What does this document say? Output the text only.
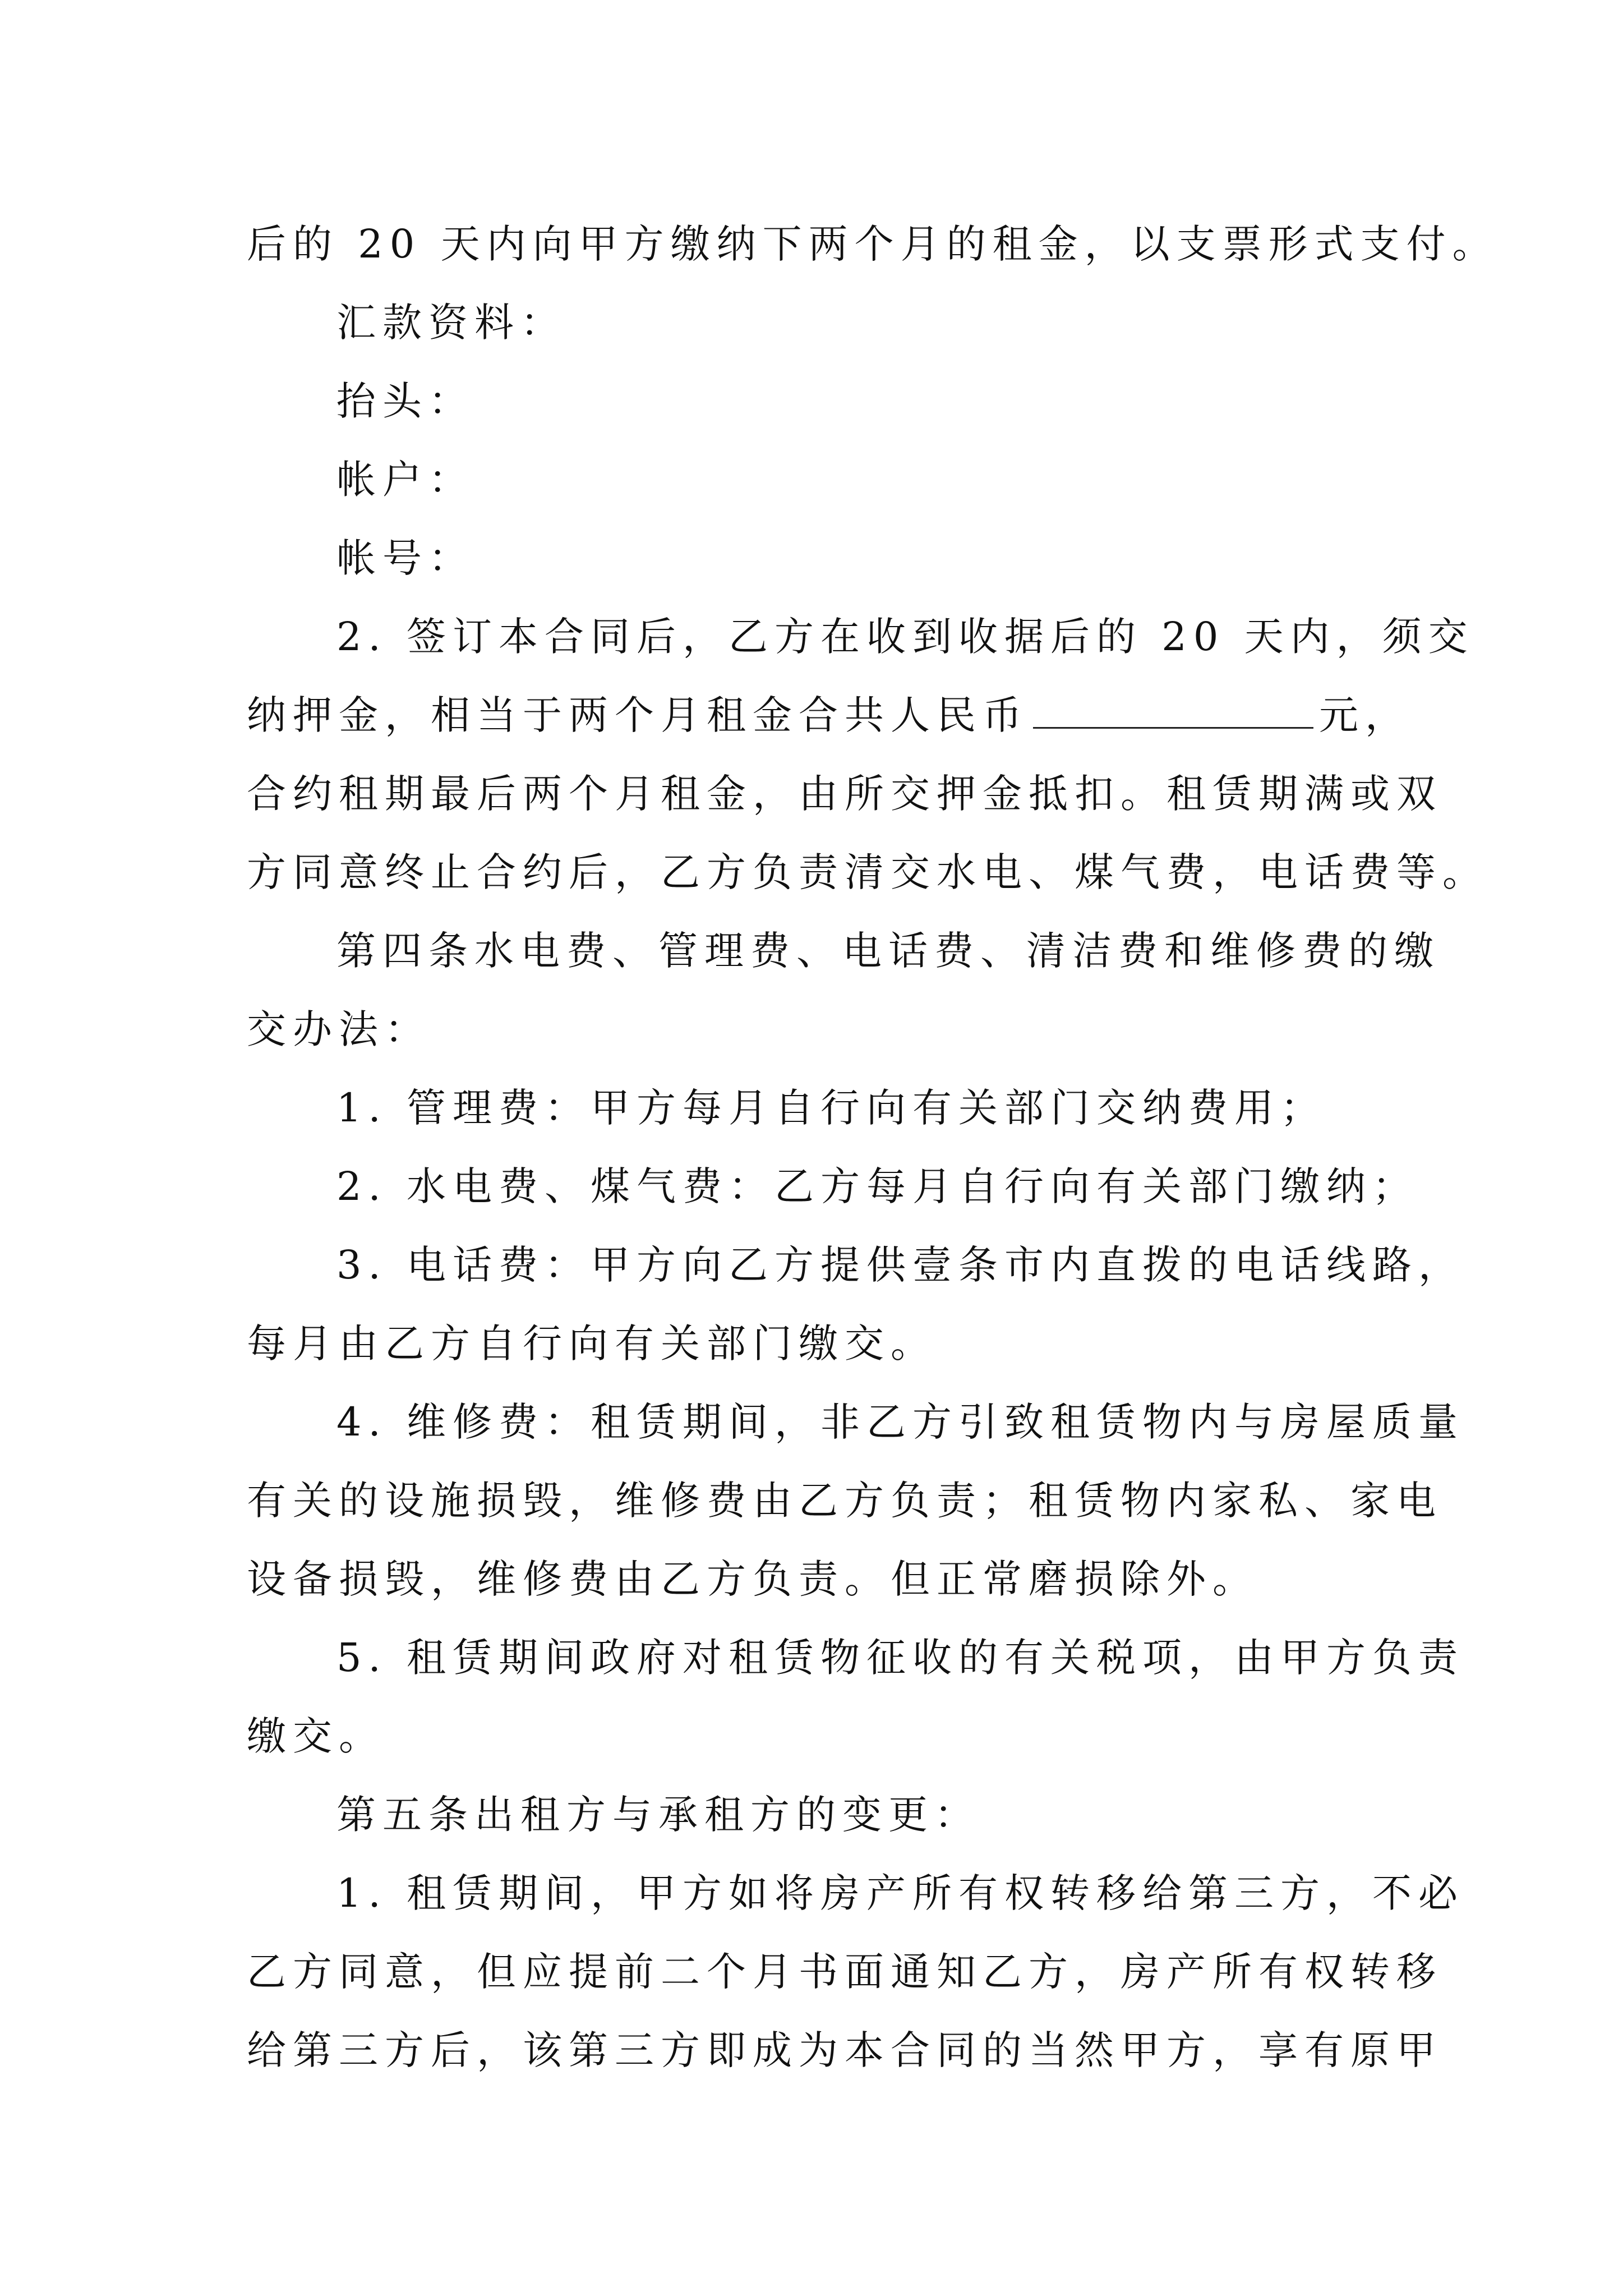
后的 20 天内向甲方缴纳下两个月的租金，以支票形式支付。
汇款资料：
抬头：
帐户：
帐号：
2. 签订本合同后，乙方在收到收据后的 20 天内，须交
纳押金，相当于两个月租金合共人民币	元，
合约租期最后两个月租金，由所交押金抵扣。租赁期满或双
方同意终止合约后，乙方负责清交水电、煤气费，电话费等。
第四条水电费、管理费、电话费、清洁费和维修费的缴
交办法：
1. 管理费：甲方每月自行向有关部门交纳费用；
2. 水电费、煤气费：乙方每月自行向有关部门缴纳；
3. 电话费：甲方向乙方提供壹条市内直拨的电话线路，
每月由乙方自行向有关部门缴交。
4. 维修费：租赁期间，非乙方引致租赁物内与房屋质量
有关的设施损毁，维修费由乙方负责；租赁物内家私、家电
设备损毁，维修费由乙方负责。但正常磨损除外。
5. 租赁期间政府对租赁物征收的有关税项，由甲方负责
缴交。
第五条出租方与承租方的变更：
1. 租赁期间，甲方如将房产所有权转移给第三方，不必
乙方同意，但应提前二个月书面通知乙方，房产所有权转移
给第三方后，该第三方即成为本合同的当然甲方，享有原甲
